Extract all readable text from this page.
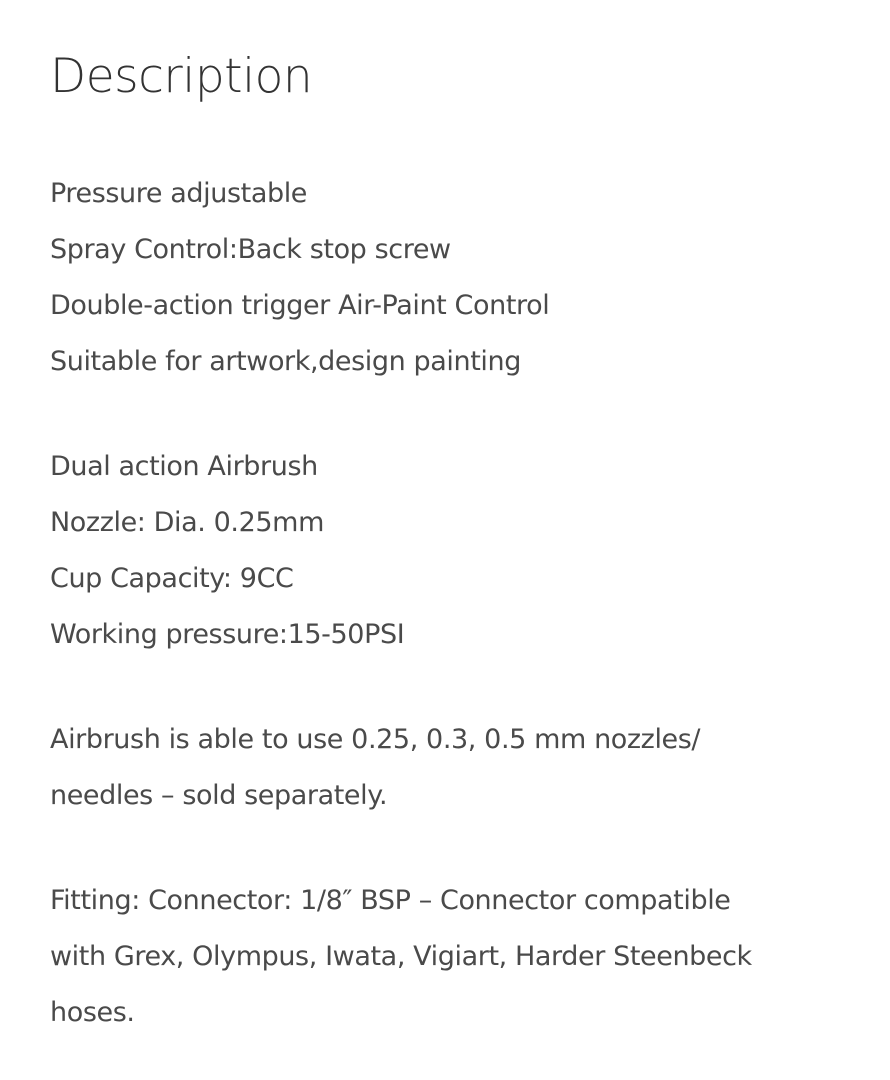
Description

Pressure adjustable
Spray Control:Back stop screw
Double-action trigger Air-Paint Control
Suitable for artwork,design painting

Dual action Airbrush
Nozzle: Dia. 0.25mm
Cup Capacity: 9CC
Working pressure:15-50PSI

Airbrush is able to use 0.25, 0.3, 0.5 mm nozzles/
needles – sold separately.

Fitting: Connector: 1/8″ BSP – Connector compatible
with Grex, Olympus, Iwata, Vigiart, Harder Steenbeck
hoses.
